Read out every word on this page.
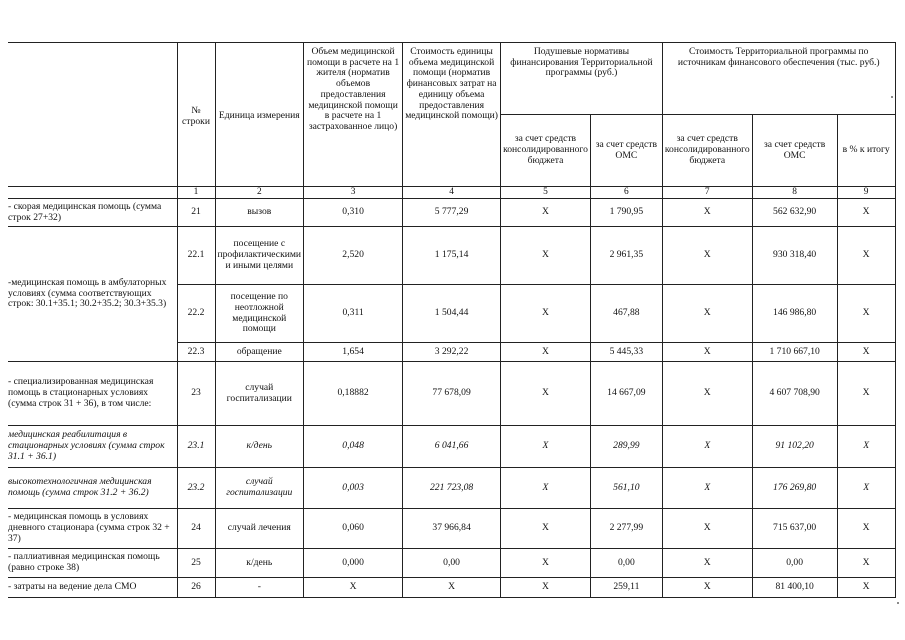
	№ строки	Единица измерения	Объем медицинской помощи в расчете на 1 жителя (норматив объемов предоставления медицинской помощи в расчете на 1 застрахованное лицо)	Стоимость единицы объема медицинской помощи (норматив финансовых затрат на единицу объема предоставления медицинской помощи)	Подушевые нормативы финансирования Территориальной программы (руб.)		Стоимость Территориальной программы по источникам финансового обеспечения (тыс. руб.)		
					за счет средств консолидированного бюджета	за счет средств ОМС	за счет средств консолидированного бюджета	за счет средств ОМС	в % к итогу
	1	2	3	4	5	6	7	8	9
- скорая медицинская помощь (сумма строк 27+32)	21	вызов	0,310	5 777,29	X	1 790,95	X	562 632,90	X
-медицинская помощь в амбулаторных условиях (сумма соответствующих строк: 30.1+35.1; 30.2+35.2; 30.3+35.3)	22.1	посещение с профилактическими и иными целями	2,520	1 175,14	X	2 961,35	X	930 318,40	X
	22.2	посещение по неотложной медицинской помощи	0,311	1 504,44	X	467,88	X	146 986,80	X
	22.3	обращение	1,654	3 292,22	X	5 445,33	X	1 710 667,10	X
- специализированная медицинская помощь в стационарных условиях (сумма строк 31 + 36), в том числе:	23	случай госпитализации	0,18882	77 678,09	X	14 667,09	X	4 607 708,90	X
медицинская реабилитация в стационарных условиях (сумма строк 31.1 + 36.1)	23.1	к/день	0,048	6 041,66	X	289,99	X	91 102,20	X
высокотехнологичная медицинская помощь (сумма строк 31.2 + 36.2)	23.2	случай госпитализации	0,003	221 723,08	X	561,10	X	176 269,80	X
- медицинская помощь в условиях дневного стационара (сумма строк 32 + 37)	24	случай лечения	0,060	37 966,84	X	2 277,99	X	715 637,00	X
- паллиативная медицинская помощь (равно строке 38)	25	к/день	0,000	0,00	X	0,00	X	0,00	X
- затраты на ведение дела СМО	26	-	X	X	X	259,11	X	81 400,10	X
